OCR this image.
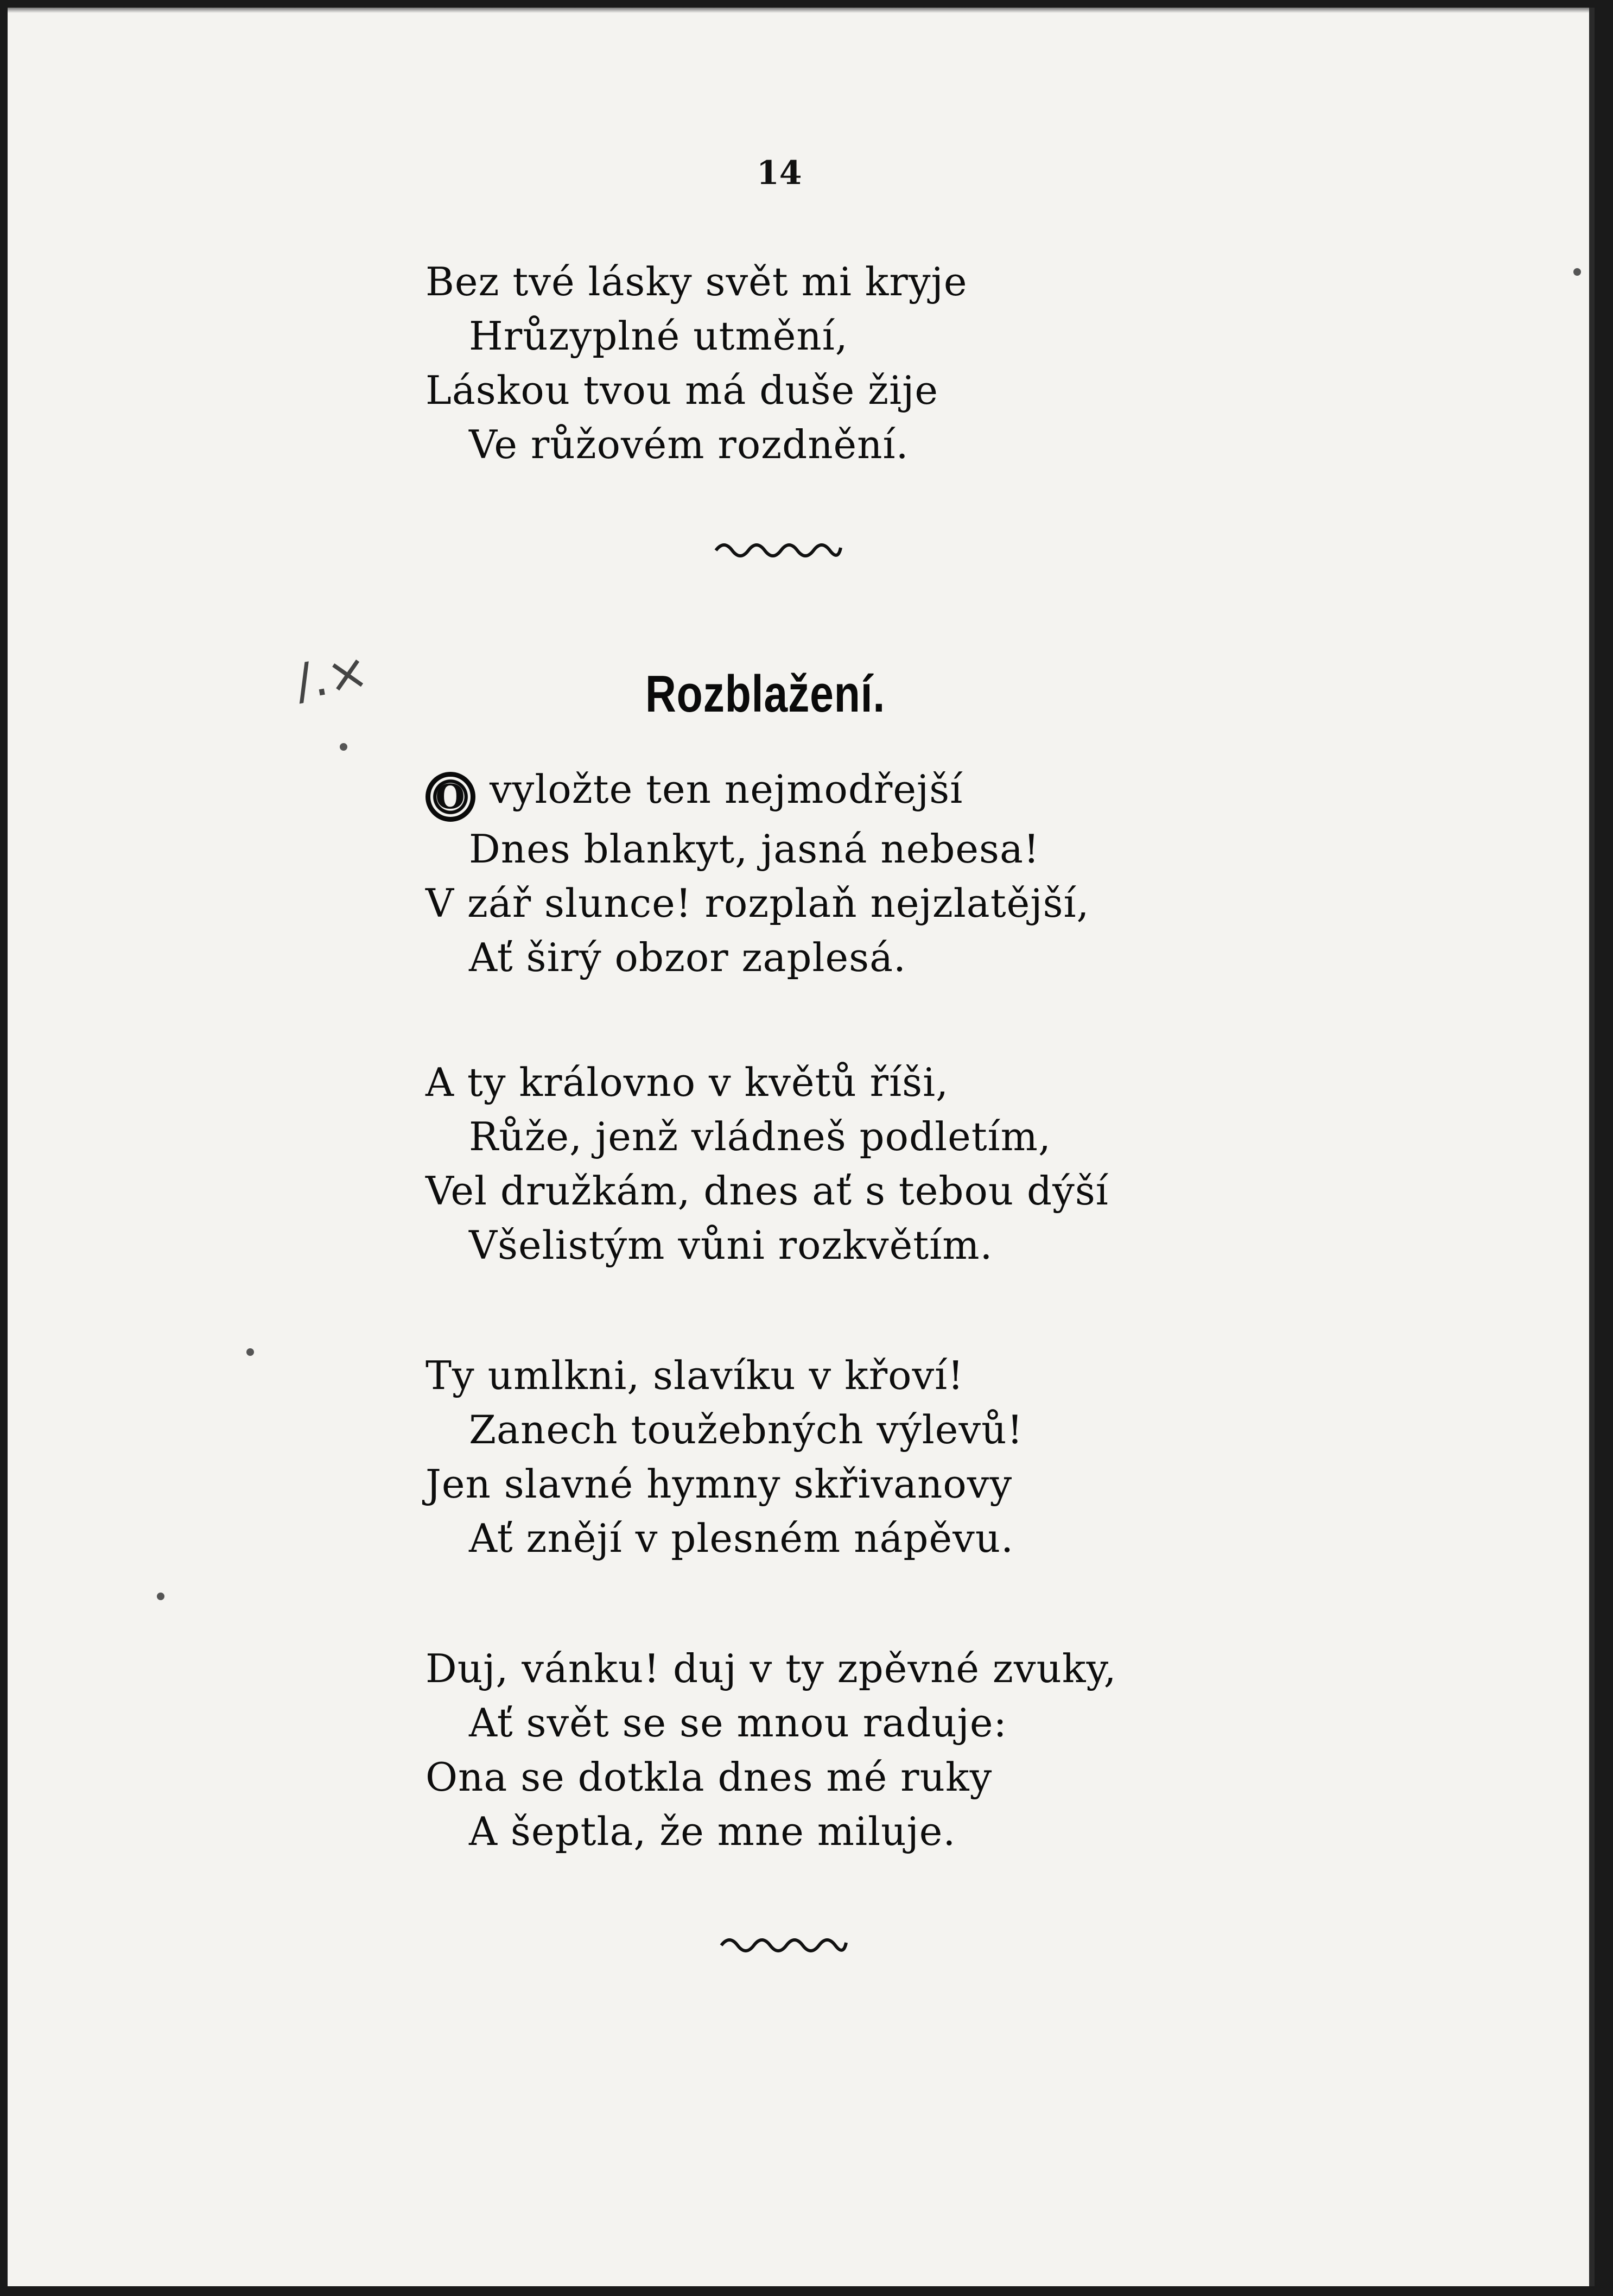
14
Bez tvé lásky svět mi kryje
Hrůzyplné utmění,
Láskou tvou má duše žije
Ve růžovém rozdnění.
/.×	Rozblažení.
O vyložte ten nejmodřejší
Dnes blankyt, jasná nebesa!
V zář slunce! rozplaň nejzlatější,
Ať širý obzor zaplesá.
A ty královno v květů říši,
Růže, jenž vládneš podletím,
Vel družkám, dnes ať s tebou dýší
Všelistým vůni rozkvětím.
Ty umlkni, slavíku v křoví!
Zanech toužebných výlevů!
Jen slavné hymny skřivanovy
Ať znějí v plesném nápěvu.
Duj, vánku! duj v ty zpěvné zvuky,
Ať svět se se mnou raduje:
Ona se dotkla dnes mé ruky
A šeptla, že mne miluje.
